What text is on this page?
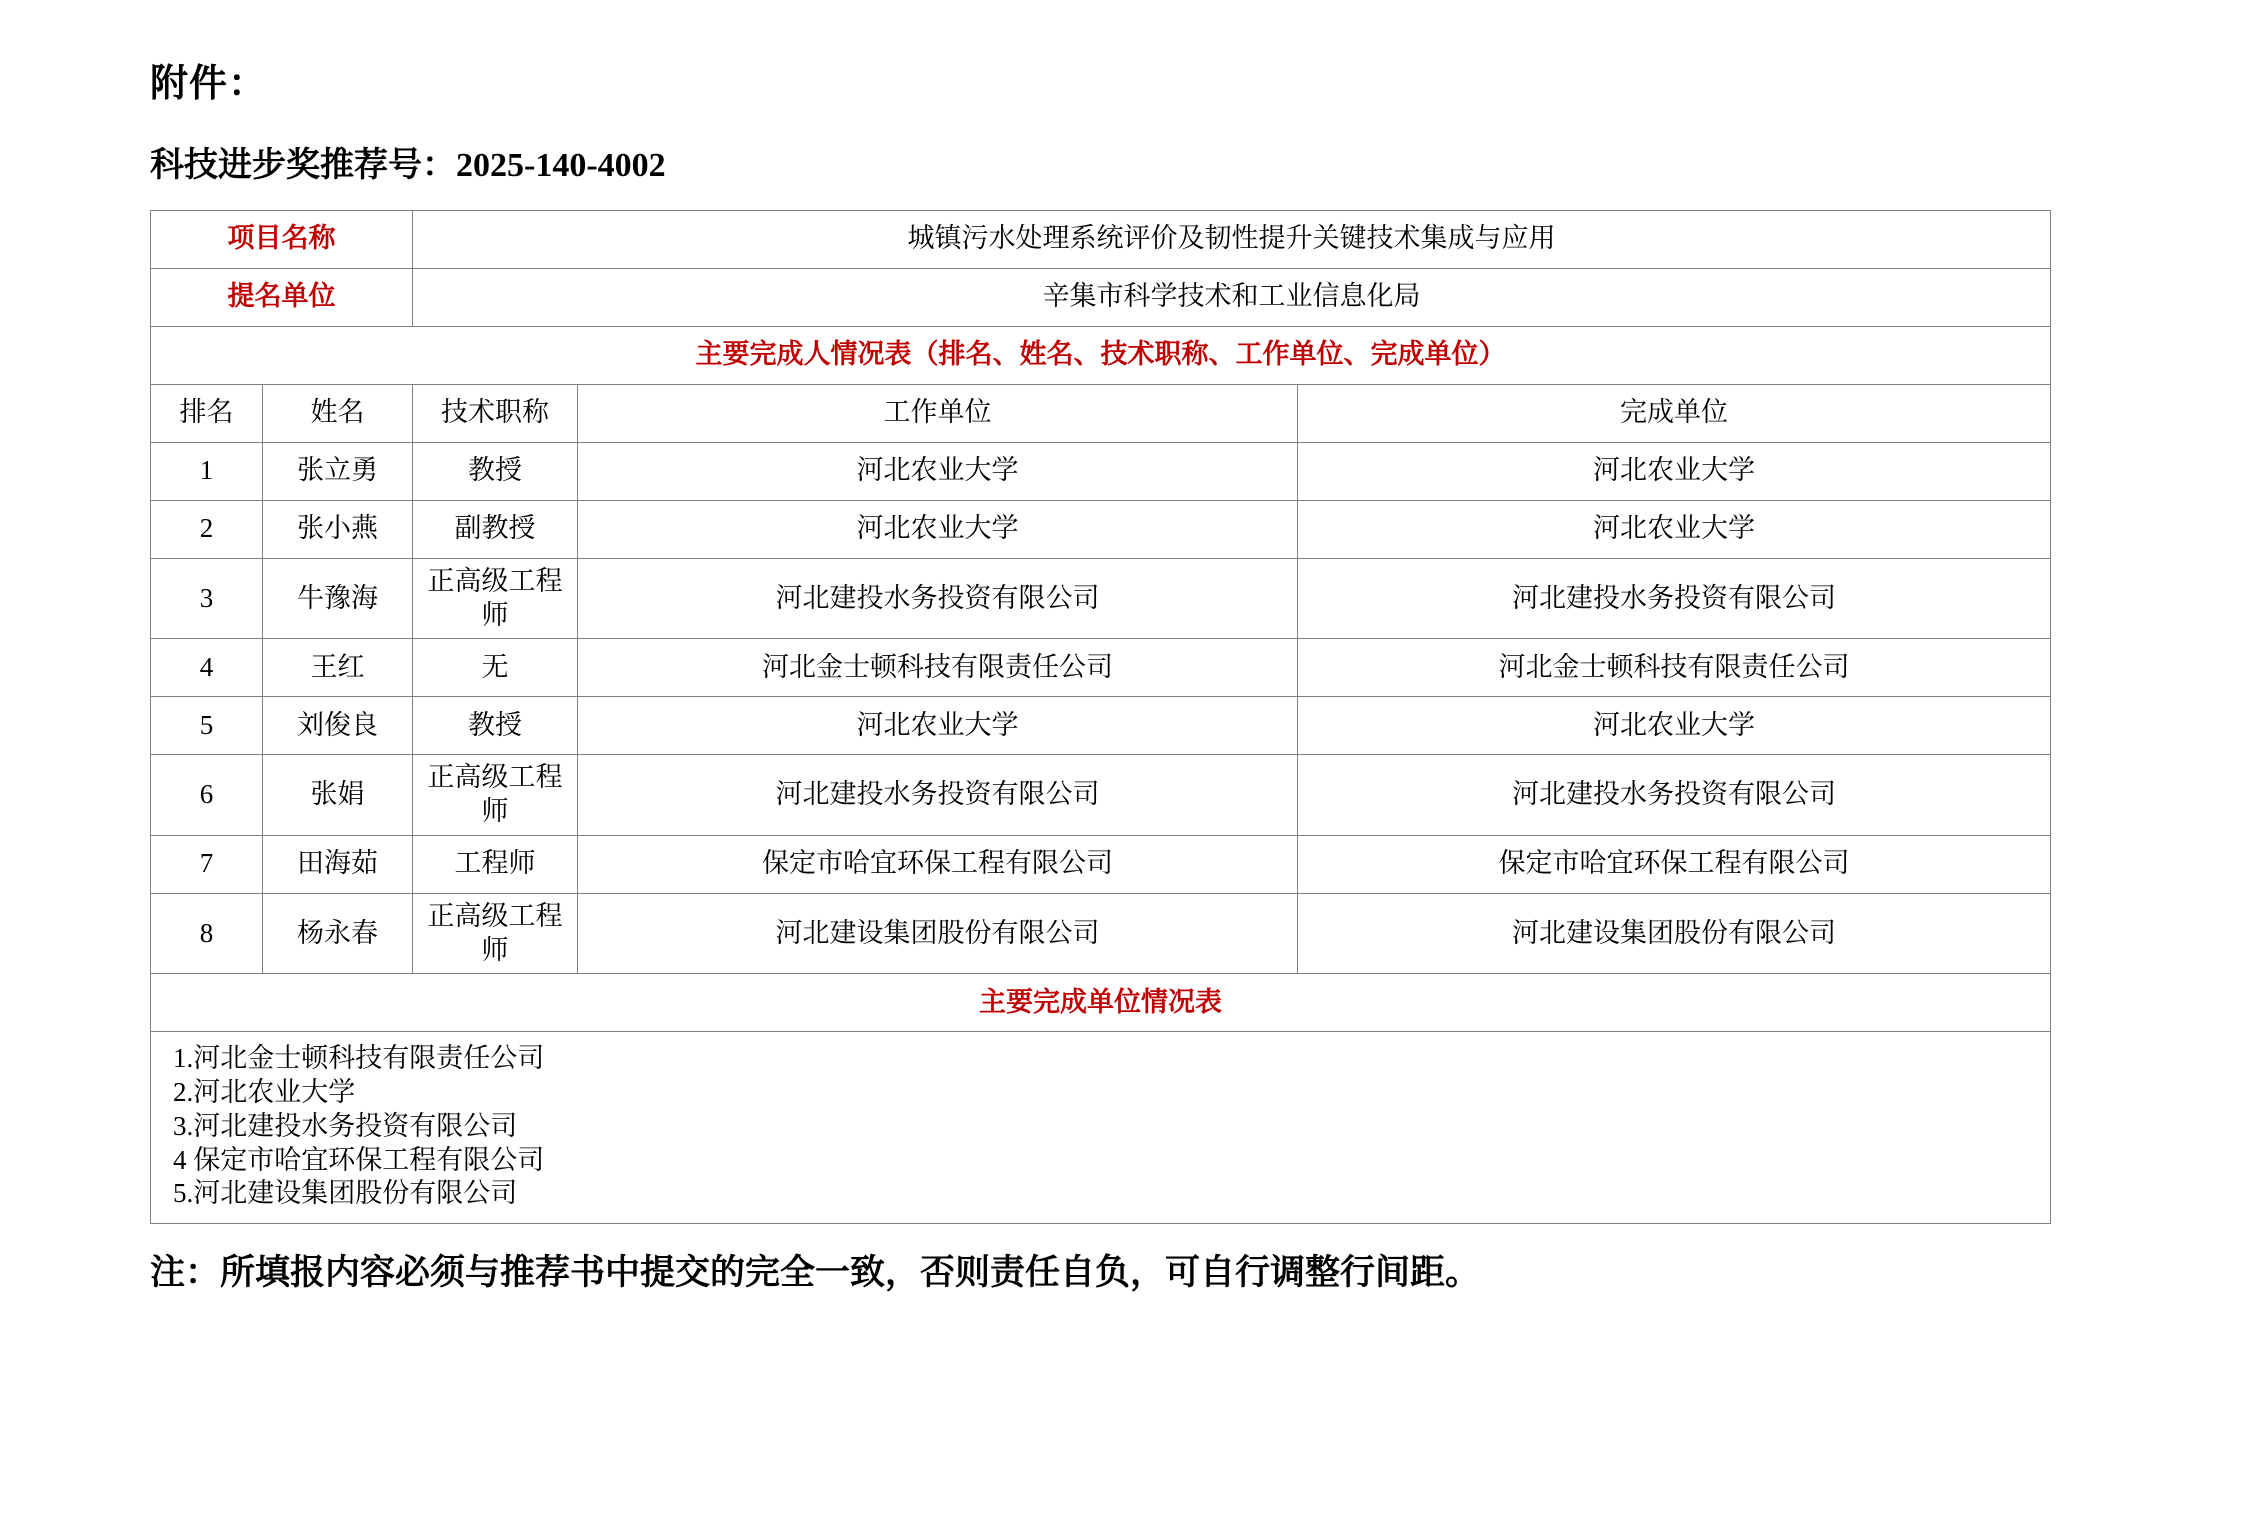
附件：
科技进步奖推荐号：2025-140-4002
项目名称		城镇污水处理系统评价及韧性提升关键技术集成与应用		
提名单位		辛集市科学技术和工业信息化局		
主要完成人情况表（排名、姓名、技术职称、工作单位、完成单位）				
排名	姓名	技术职称	工作单位	完成单位
1	张立勇	教授	河北农业大学	河北农业大学
2	张小燕	副教授	河北农业大学	河北农业大学
3	牛豫海	正高级工程师	河北建投水务投资有限公司	河北建投水务投资有限公司
4	王红	无	河北金士顿科技有限责任公司	河北金士顿科技有限责任公司
5	刘俊良	教授	河北农业大学	河北农业大学
6	张娟	正高级工程师	河北建投水务投资有限公司	河北建投水务投资有限公司
7	田海茹	工程师	保定市哈宜环保工程有限公司	保定市哈宜环保工程有限公司
8	杨永春	正高级工程师	河北建设集团股份有限公司	河北建设集团股份有限公司
主要完成单位情况表				

1.河北金士顿科技有限责任公司
2.河北农业大学
3.河北建投水务投资有限公司
4 保定市哈宜环保工程有限公司
5.河北建设集团股份有限公司				
注：所填报内容必须与推荐书中提交的完全一致，否则责任自负，可自行调整行间距。
